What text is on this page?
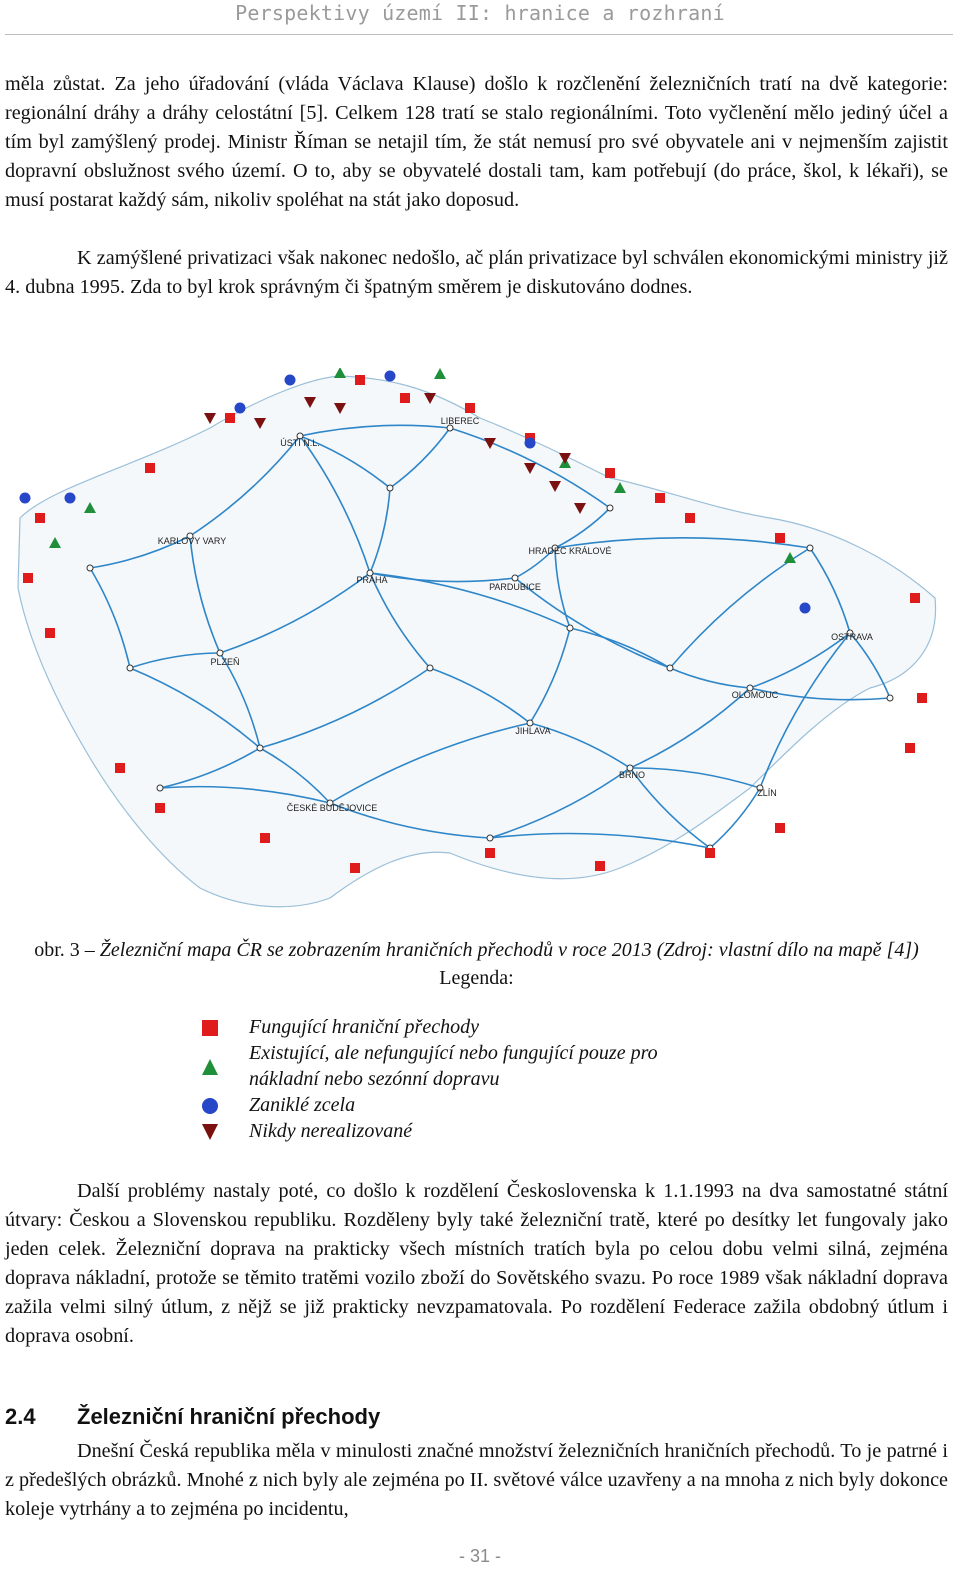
Perspektivy území II: hranice a rozhraní

měla zůstat. Za jeho úřadování (vláda Václava Klause) došlo k rozčlenění železničních tratí na dvě kategorie: regionální dráhy a dráhy celostátní [5]. Celkem 128 tratí se stalo regionálními. Toto vyčlenění mělo jediný účel a tím byl zamýšlený prodej. Ministr Říman se netajil tím, že stát nemusí pro své obyvatele ani v nejmenším zajistit dopravní obslužnost svého území. O to, aby se obyvatelé dostali tam, kam potřebují (do práce, škol, k lékaři), se musí postarat každý sám, nikoliv spoléhat na stát jako doposud.

K zamýšlené privatizaci však nakonec nedošlo, ač plán privatizace byl schválen ekonomickými ministry již 4. dubna 1995. Zda to byl krok správným či špatným směrem je diskutováno dodnes.

ÚSTÍ N.L.
LIBEREC
KARLOVY VARY
PRAHA
HRADEC KRÁLOVÉ
PARDUBICE
PLZEŇ
OSTRAVA
OLOMOUC
JIHLAVA
BRNO
ZLÍN
ČESKÉ BUDĚJOVICE

obr. 3 – Železniční mapa ČR se zobrazením hraničních přechodů v roce 2013 (Zdroj: vlastní dílo na mapě [4]) Legenda:

Fungující hraniční přechody
Existující, ale nefungující nebo fungující pouze pro nákladní nebo sezónní dopravu
Zaniklé zcela
Nikdy nerealizované

Další problémy nastaly poté, co došlo k rozdělení Československa k 1.1.1993 na dva samostatné státní útvary: Českou a Slovenskou republiku. Rozděleny byly také železniční tratě, které po desítky let fungovaly jako jeden celek. Železniční doprava na prakticky všech místních tratích byla po celou dobu velmi silná, zejména doprava nákladní, protože se těmito tratěmi vozilo zboží do Sovětského svazu. Po roce 1989 však nákladní doprava zažila velmi silný útlum, z nějž se již prakticky nevzpamatovala. Po rozdělení Federace zažila obdobný útlum i doprava osobní.

2.4 Železniční hraniční přechody

Dnešní Česká republika měla v minulosti značné množství železničních hraničních přechodů. To je patrné i z předešlých obrázků. Mnohé z nich byly ale zejména po II. světové válce uzavřeny a na mnoha z nich byly dokonce koleje vytrhány a to zejména po incidentu,

- 31 -
